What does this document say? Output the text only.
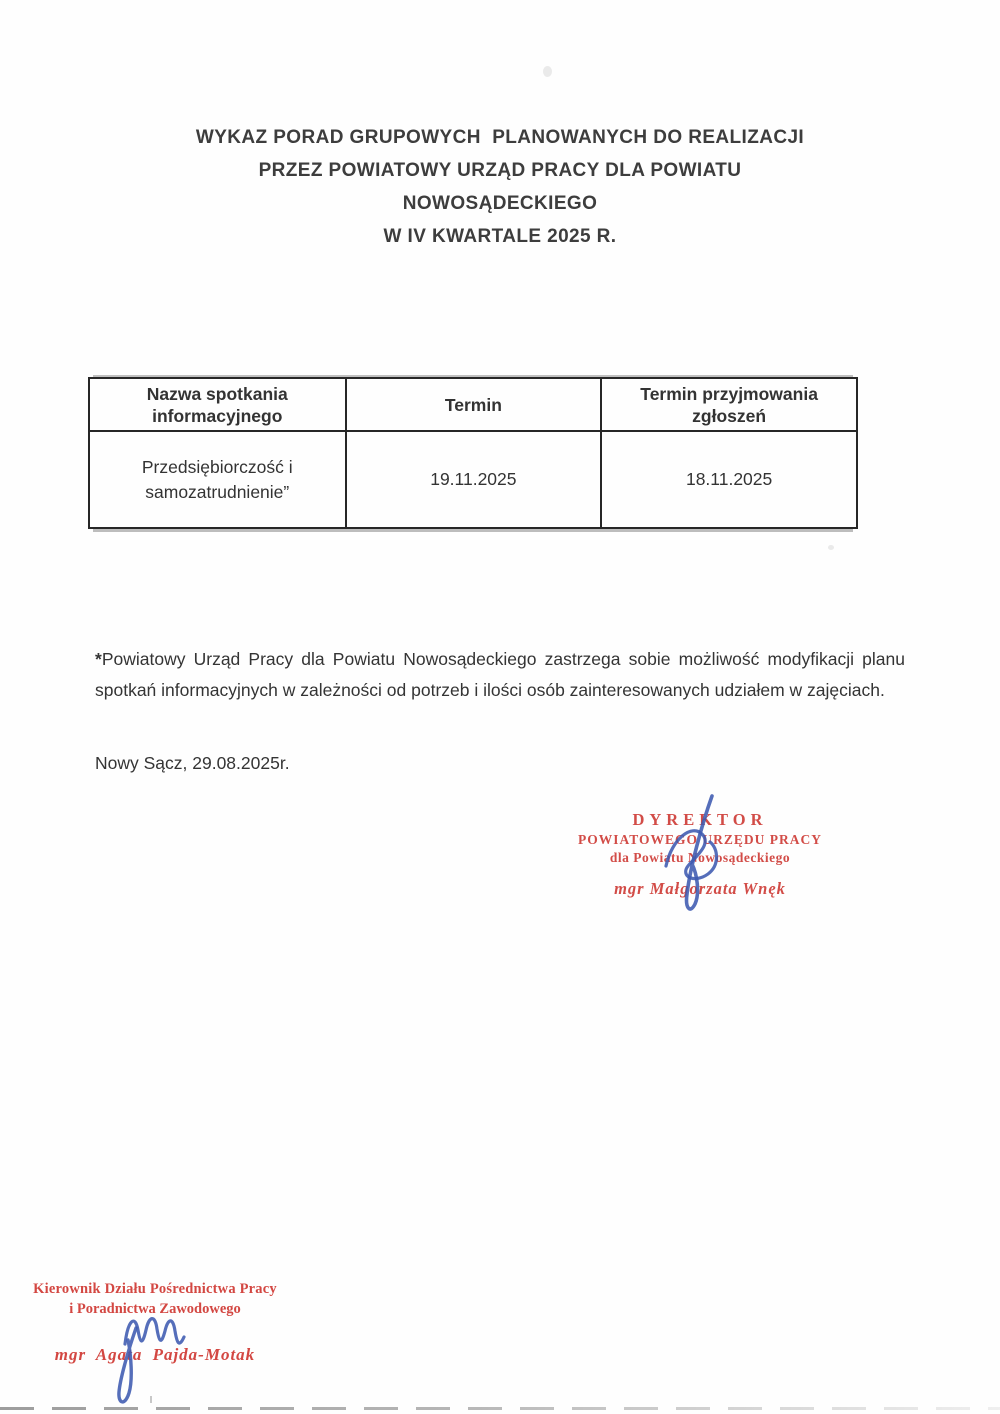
WYKAZ PORAD GRUPOWYCH  PLANOWANYCH DO REALIZACJI
PRZEZ POWIATOWY URZĄD PRACY DLA POWIATU
NOWOSĄDECKIEGO
W IV KWARTALE 2025 R.
Nazwa spotkania informacyjnego	Termin	Termin przyjmowania zgłoszeń
Przedsiębiorczość i samozatrudnienie”	19.11.2025	18.11.2025

*Powiatowy Urząd Pracy dla Powiatu Nowosądeckiego zastrzega sobie możliwość modyfikacji planu spotkań informacyjnych w zależności od potrzeb i ilości osób zainteresowanych udziałem w zajęciach.

Nowy Sącz, 29.08.2025r.

DYREKTOR
POWIATOWEGO URZĘDU PRACY
dla Powiatu Nowosądeckiego
mgr Małgorzata Wnęk
Kierownik Działu Pośrednictwa Pracy
i Poradnictwa Zawodowego
mgr Agata Pajda-Motak
